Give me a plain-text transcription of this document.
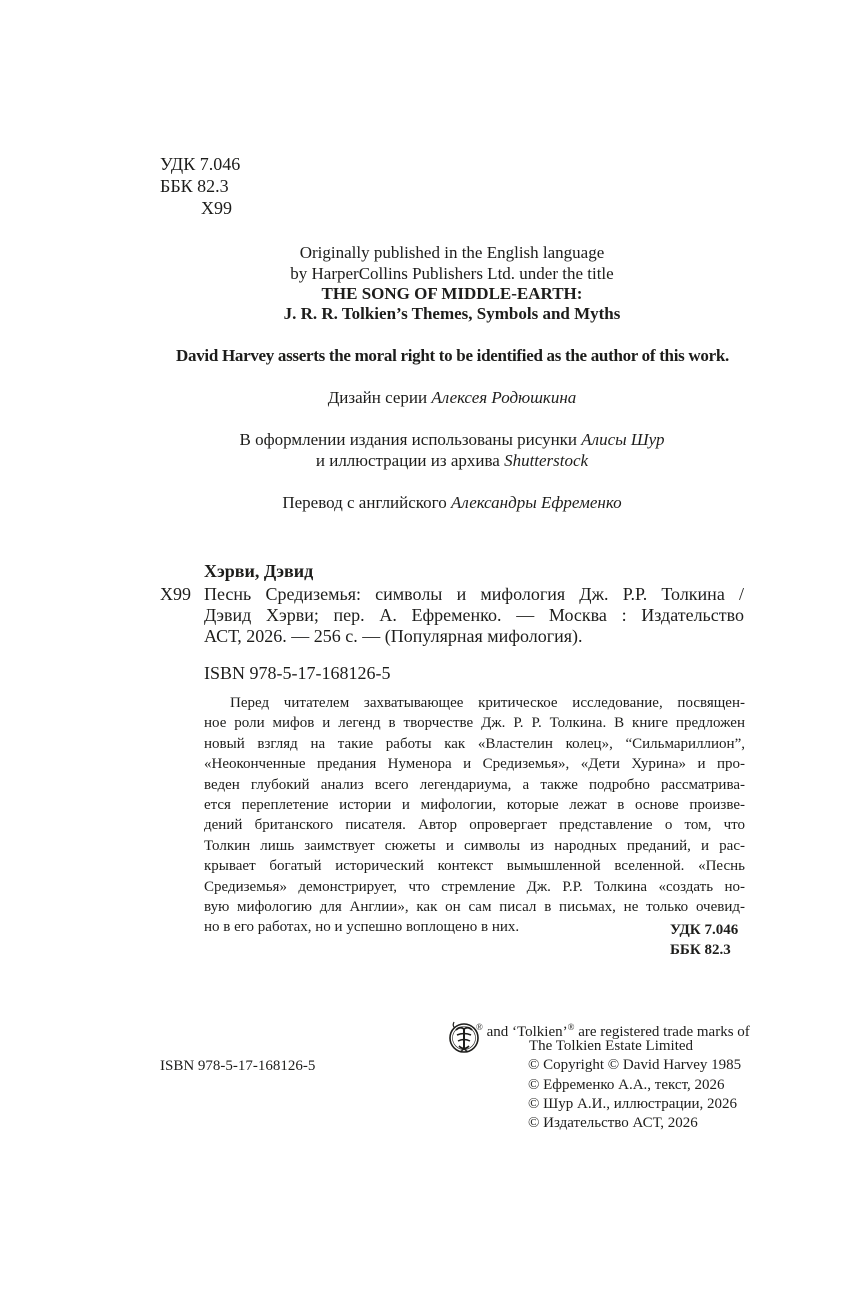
УДК 7.046
ББК 82.3
Х99
Originally published in the English language
by HarperCollins Publishers Ltd. under the title
THE SONG OF MIDDLE-EARTH:
J. R. R. Tolkien’s Themes, Symbols and Myths
David Harvey asserts the moral right to be identified as the author of this work.
Дизайн серии Алексея Родюшкина
В оформлении издания использованы рисунки Алисы Шур
и иллюстрации из архива Shutterstock
Перевод с английского Александры Ефременко
Хэрви, Дэвид
Х99 Песнь Средиземья: символы и мифология Дж. Р.Р. Толкина /
Дэвид Хэрви; пер. А. Ефременко. — Москва : Издательство
АСТ, 2026. — 256 с. — (Популярная мифология).
ISBN 978-5-17-168126-5
Перед читателем захватывающее критическое исследование, посвящен-
ное роли мифов и легенд в творчестве Дж. Р. Р. Толкина. В книге предложен
новый взгляд на такие работы как «Властелин колец», “Сильмариллион”,
«Неоконченные предания Нуменора и Средиземья», «Дети Хурина» и про-
веден глубокий анализ всего легендариума, а также подробно рассматрива-
ется переплетение истории и мифологии, которые лежат в основе произве-
дений британского писателя. Автор опровергает представление о том, что
Толкин лишь заимствует сюжеты и символы из народных преданий, и рас-
крывает богатый исторический контекст вымышленной вселенной. «Песнь
Средиземья» демонстрирует, что стремление Дж. Р.Р. Толкина «создать но-
вую мифологию для Англии», как он сам писал в письмах, не только очевид-
но в его работах, но и успешно воплощено в них.	УДК 7.046
ББК 82.3
ISBN 978-5-17-168126-5
® and ‘Tolkien’® are registered trade marks of
The Tolkien Estate Limited
© Copyright © David Harvey 1985
© Ефременко А.А., текст, 2026
© Шур А.И., иллюстрации, 2026
© Издательство АСТ, 2026
